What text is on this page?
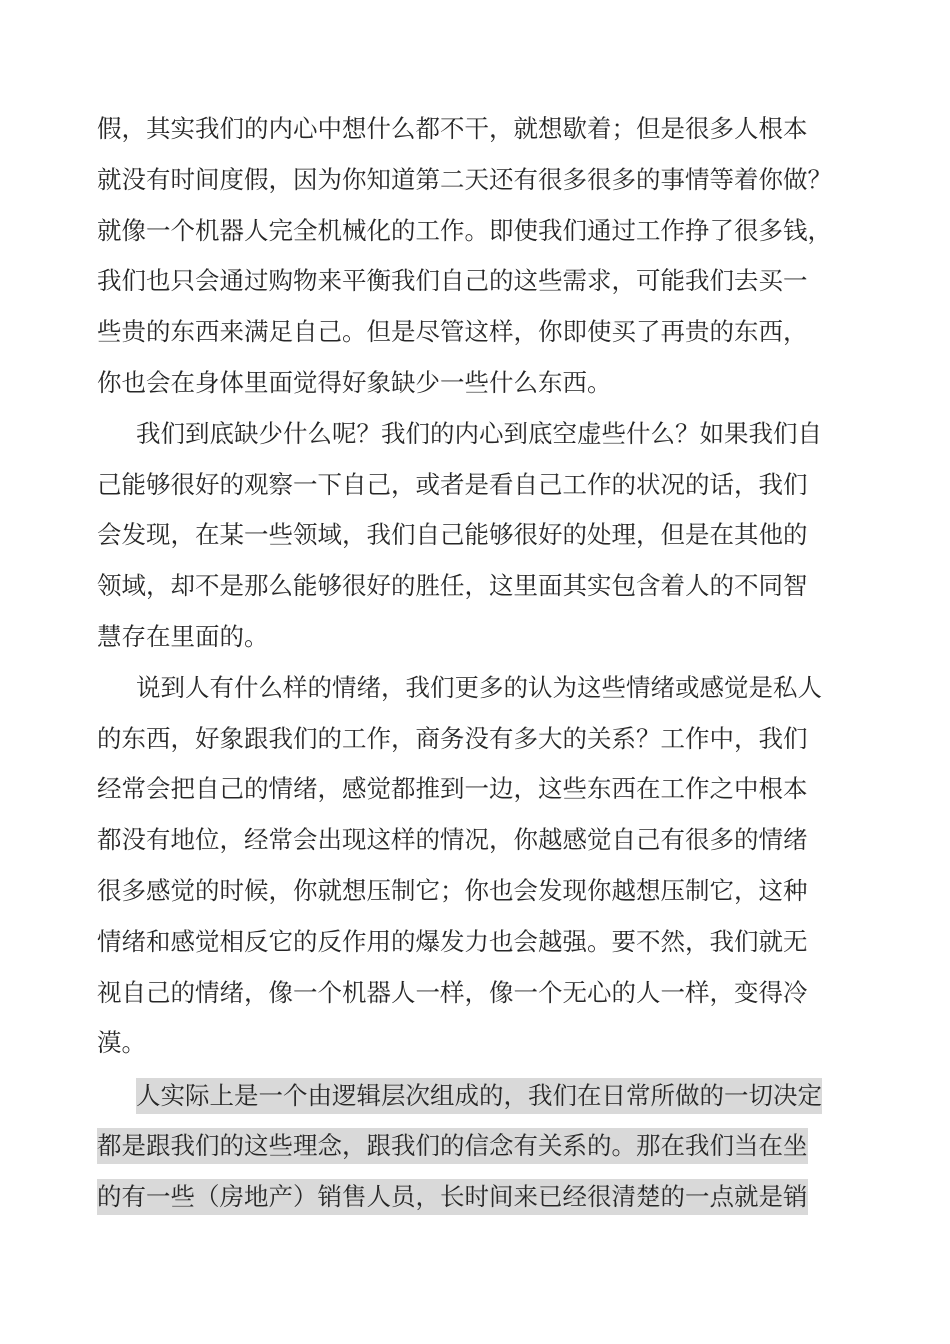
假，其实我们的内心中想什么都不干，就想歇着；但是很多人根本
就没有时间度假，因为你知道第二天还有很多很多的事情等着你做？
就像一个机器人完全机械化的工作。即使我们通过工作挣了很多钱，
我们也只会通过购物来平衡我们自己的这些需求，可能我们去买一
些贵的东西来满足自己。但是尽管这样，你即使买了再贵的东西，
你也会在身体里面觉得好象缺少一些什么东西。
我们到底缺少什么呢？我们的内心到底空虚些什么？如果我们自
己能够很好的观察一下自己，或者是看自己工作的状况的话，我们
会发现，在某一些领域，我们自己能够很好的处理，但是在其他的
领域，却不是那么能够很好的胜任，这里面其实包含着人的不同智
慧存在里面的。
说到人有什么样的情绪，我们更多的认为这些情绪或感觉是私人
的东西，好象跟我们的工作，商务没有多大的关系？工作中，我们
经常会把自己的情绪，感觉都推到一边，这些东西在工作之中根本
都没有地位，经常会出现这样的情况，你越感觉自己有很多的情绪
很多感觉的时候，你就想压制它；你也会发现你越想压制它，这种
情绪和感觉相反它的反作用的爆发力也会越强。要不然，我们就无
视自己的情绪，像一个机器人一样，像一个无心的人一样，变得冷
漠。
人实际上是一个由逻辑层次组成的，我们在日常所做的一切决定
都是跟我们的这些理念，跟我们的信念有关系的。那在我们当在坐
的有一些（房地产）销售人员，长时间来已经很清楚的一点就是销
